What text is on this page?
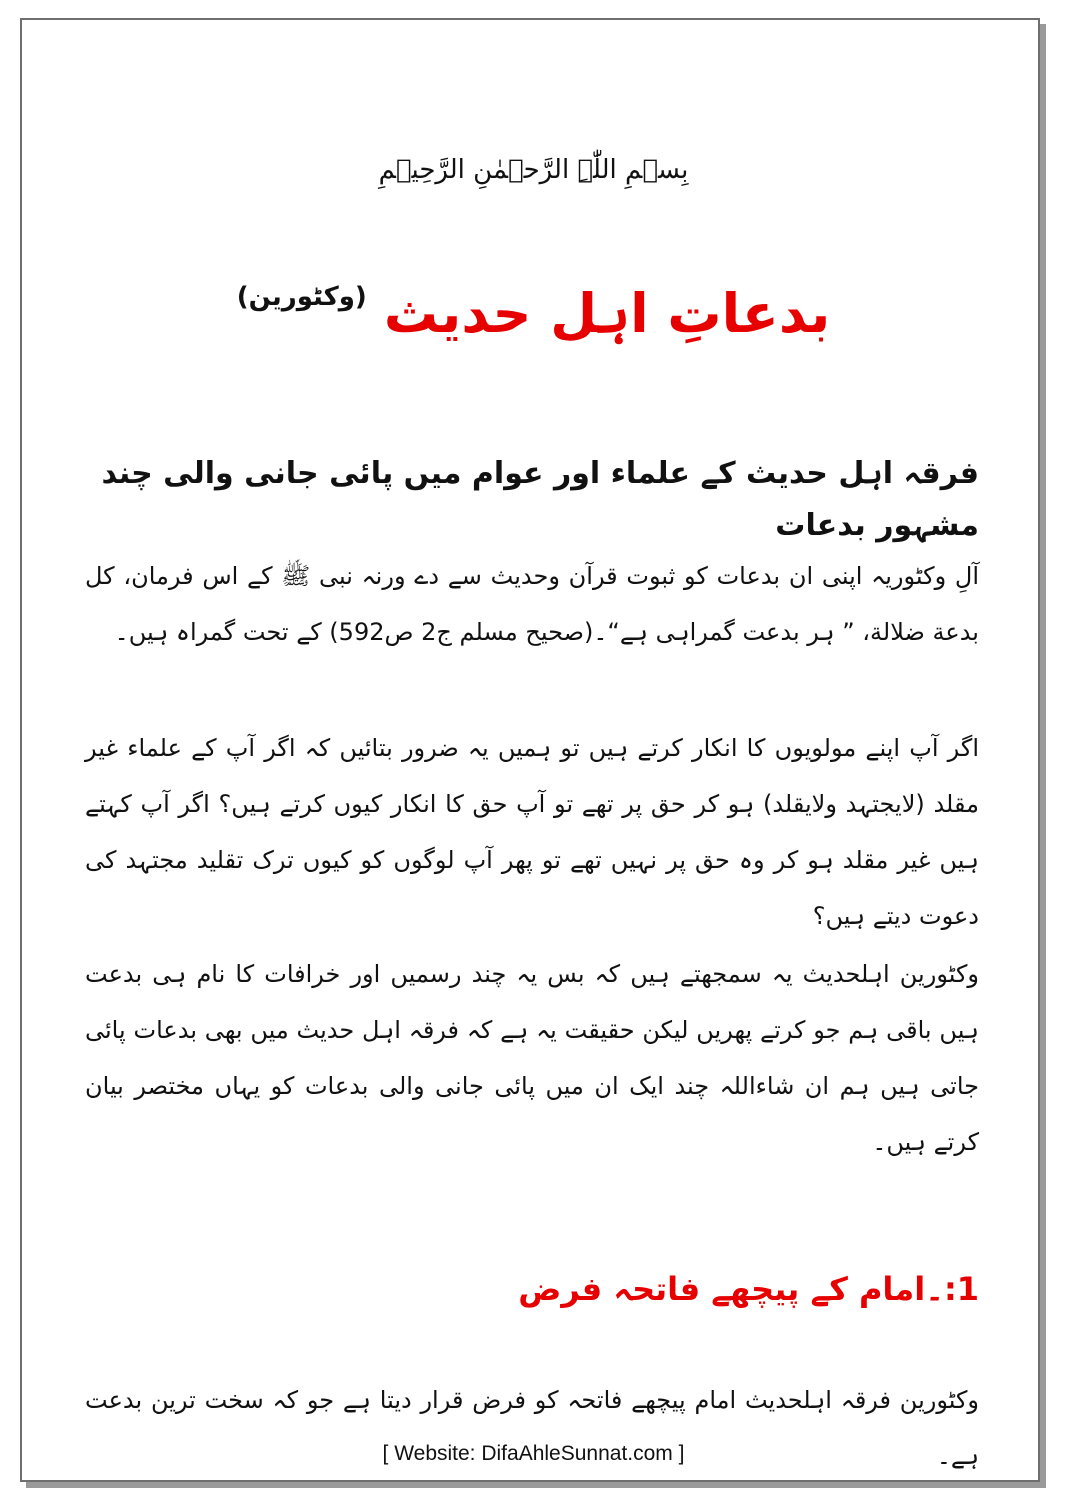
بِسۡمِ اللّٰہِ الرَّحۡمٰنِ الرَّحِیۡمِ
بدعاتِ اہل حدیث (وکٹورین)
فرقہ اہل حدیث کے علماء اور عوام میں پائی جانی والی چند مشہور بدعات
آلِ وکٹوریہ اپنی ان بدعات کو ثبوت قرآن وحدیث سے دے ورنہ نبی ﷺ کے اس فرمان، کل بدعة ضلالة، ” ہر بدعت گمراہی ہے“۔(صحیح مسلم ج2 ص592) کے تحت گمراہ ہیں۔
اگر آپ اپنے مولویوں کا انکار کرتے ہیں تو ہمیں یہ ضرور بتائیں کہ اگر آپ کے علماء غیر مقلد (لایجتہد ولایقلد) ہو کر حق پر تھے تو آپ حق کا انکار کیوں کرتے ہیں؟ اگر آپ کہتے ہیں غیر مقلد ہو کر وہ حق پر نہیں تھے تو پھر آپ لوگوں کو کیوں ترک تقلید مجتہد کی دعوت دیتے ہیں؟
وکٹورین اہلحدیث یہ سمجھتے ہیں کہ بس یہ چند رسمیں اور خرافات کا نام ہی بدعت ہیں باقی ہم جو کرتے پھریں لیکن حقیقت یہ ہے کہ فرقہ اہل حدیث میں بھی بدعات پائی جاتی ہیں ہم ان شاءاللہ چند ایک ان میں پائی جانی والی بدعات کو یہاں مختصر بیان کرتے ہیں۔
1:۔امام کے پیچھے فاتحہ فرض
وکٹورین فرقہ اہلحدیث امام پیچھے فاتحہ کو فرض قرار دیتا ہے جو کہ سخت ترین بدعت ہے۔
[ Website: DifaAhleSunnat.com ]
